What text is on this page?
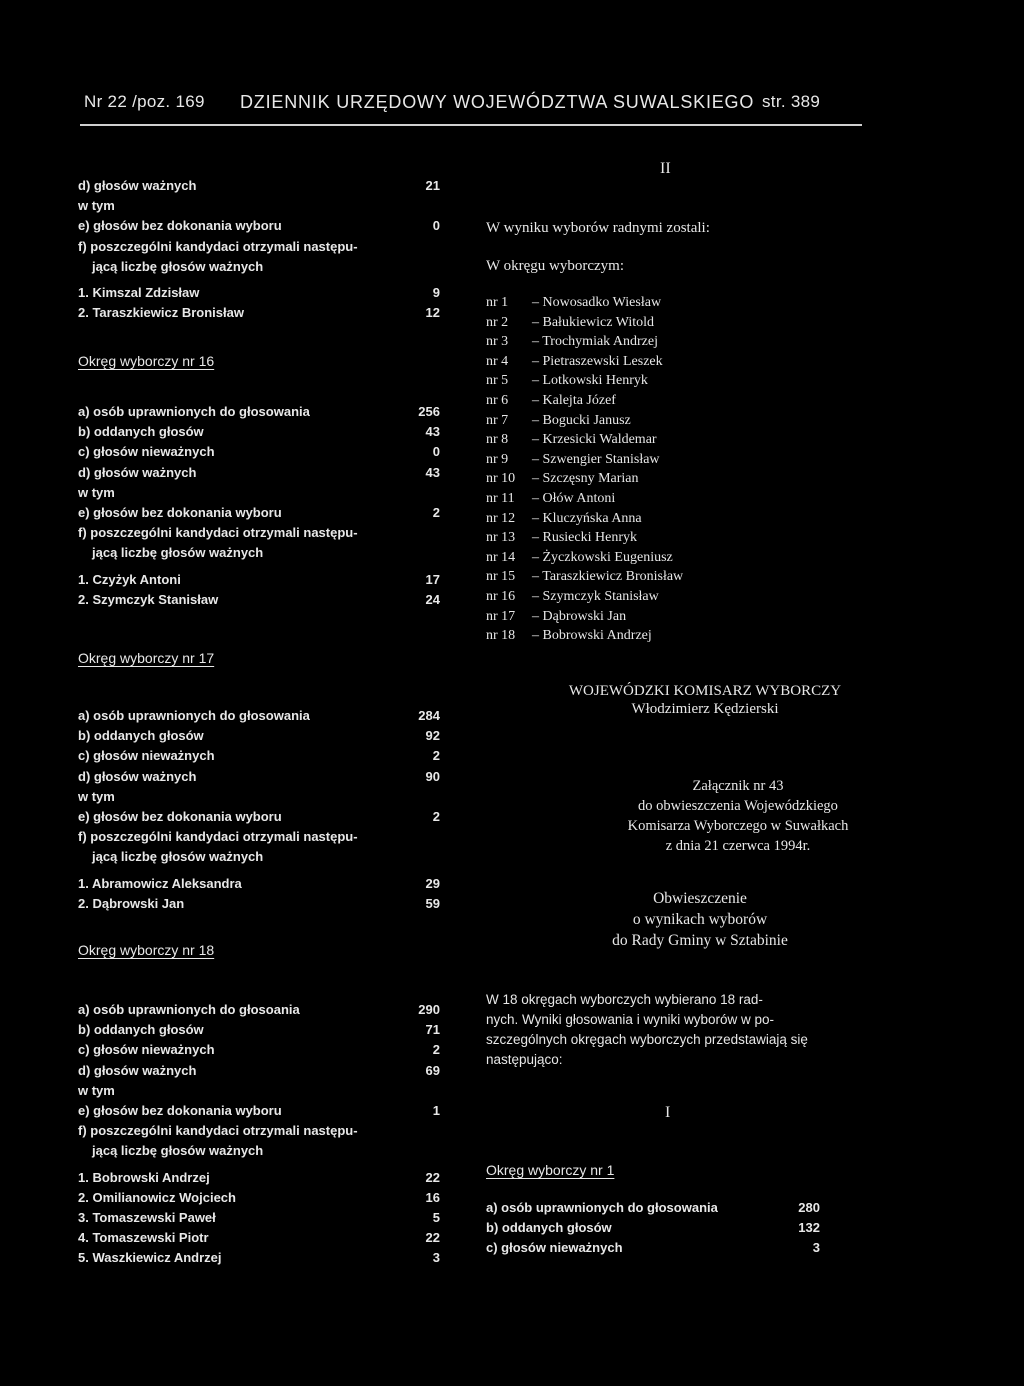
Nr 22 /poz. 169 DZIENNIK URZĘDOWY WOJEWÓDZTWA SUWALSKIEGO str. 389
d) głosów ważnych	21
w tym
e) głosów bez dokonania wyboru	0
f) poszczególni kandydaci otrzymali następu-
jącą liczbę głosów ważnych
1. Kimszal Zdzisław	9
2. Taraszkiewicz Bronisław	12
Okręg wyborczy nr 16
a) osób uprawnionych do głosowania	256
b) oddanych głosów	43
c) głosów nieważnych	0
d) głosów ważnych	43
w tym
e) głosów bez dokonania wyboru	2
f) poszczególni kandydaci otrzymali następu-
jącą liczbę głosów ważnych
1. Czyżyk Antoni	17
2. Szymczyk Stanisław	24
Okręg wyborczy nr 17
a) osób uprawnionych do głosowania	284
b) oddanych głosów	92
c) głosów nieważnych	2
d) głosów ważnych	90
w tym
e) głosów bez dokonania wyboru	2
f) poszczególni kandydaci otrzymali następu-
jącą liczbę głosów ważnych
1. Abramowicz Aleksandra	29
2. Dąbrowski Jan	59
Okręg wyborczy nr 18
a) osób uprawnionych do głosoania	290
b) oddanych głosów	71
c) głosów nieważnych	2
d) głosów ważnych	69
w tym
e) głosów bez dokonania wyboru	1
f) poszczególni kandydaci otrzymali następu-
jącą liczbę głosów ważnych
1. Bobrowski Andrzej	22
2. Omilianowicz Wojciech	16
3. Tomaszewski Paweł	5
4. Tomaszewski Piotr	22
5. Waszkiewicz Andrzej	3
II
W wyniku wyborów radnymi zostali:
W okręgu wyborczym:
nr 1	– Nowosadko Wiesław
nr 2	– Bałukiewicz Witold
nr 3	– Trochymiak Andrzej
nr 4	– Pietraszewski Leszek
nr 5	– Lotkowski Henryk
nr 6	– Kalejta Józef
nr 7	– Bogucki Janusz
nr 8	– Krzesicki Waldemar
nr 9	– Szwengier Stanisław
nr 10	– Szczęsny Marian
nr 11	– Ołów Antoni
nr 12	– Kluczyńska Anna
nr 13	– Rusiecki Henryk
nr 14	– Życzkowski Eugeniusz
nr 15	– Taraszkiewicz Bronisław
nr 16	– Szymczyk Stanisław
nr 17	– Dąbrowski Jan
nr 18	– Bobrowski Andrzej
WOJEWÓDZKI KOMISARZ WYBORCZY
Włodzimierz Kędzierski
Załącznik nr 43
do obwieszczenia Wojewódzkiego
Komisarza Wyborczego w Suwałkach
z dnia 21 czerwca 1994r.
Obwieszczenie
o wynikach wyborów
do Rady Gminy w Sztabinie
W 18 okręgach wyborczych wybierano 18 rad-
nych. Wyniki głosowania i wyniki wyborów w po-
szczególnych okręgach wyborczych przedstawiają się
następująco:
I
Okręg wyborczy nr 1
a) osób uprawnionych do głosowania	280
b) oddanych głosów	132
c) głosów nieważnych	3
